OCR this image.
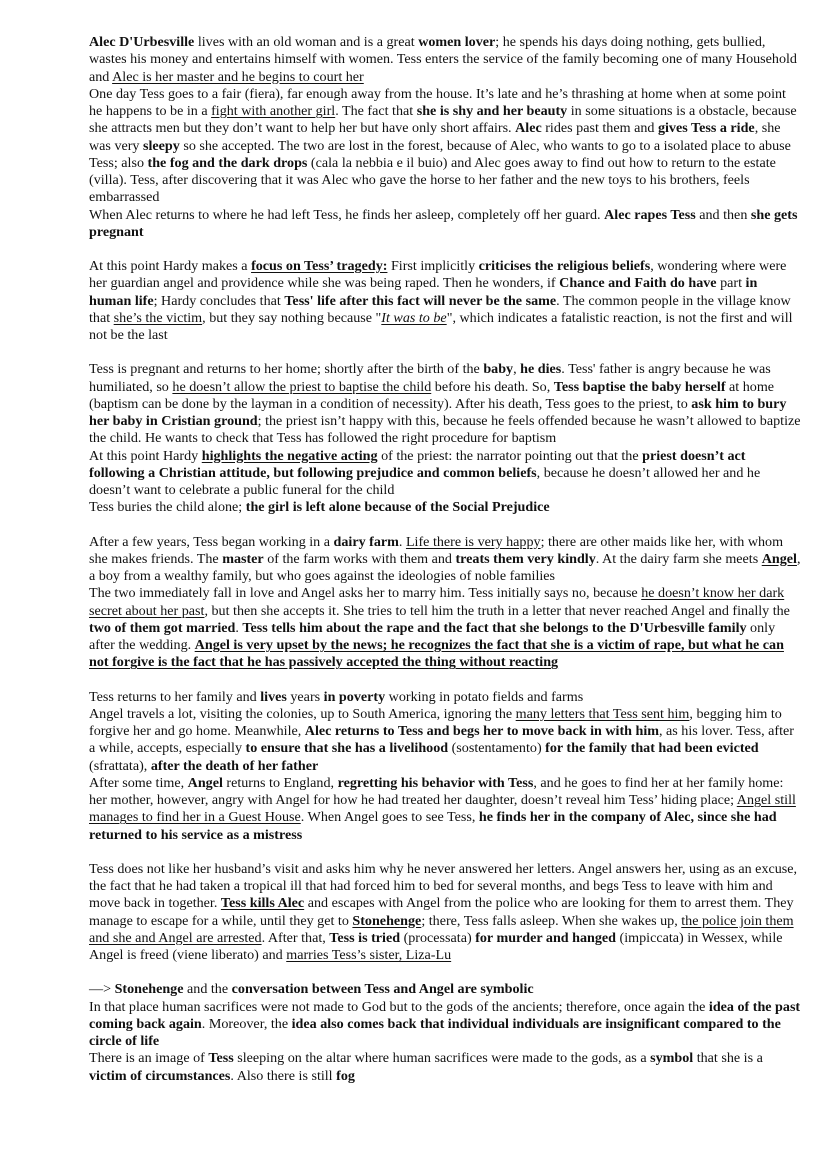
Alec D'Urbesville lives with an old woman and is a great women lover; he spends his days doing nothing, gets bullied, wastes his money and entertains himself with women. Tess enters the service of the family becoming one of many Household and Alec is her master and he begins to court her

One day Tess goes to a fair (fiera), far enough away from the house. It’s late and he’s thrashing at home when at some point he happens to be in a fight with another girl. The fact that she is shy and her beauty in some situations is a obstacle, because she attracts men but they don’t want to help her but have only short affairs. Alec rides past them and gives Tess a ride, she was very sleepy so she accepted. The two are lost in the forest, because of Alec, who wants to go to a isolated place to abuse Tess; also the fog and the dark drops (cala la nebbia e il buio) and Alec goes away to find out how to return to the estate (villa). Tess, after discovering that it was Alec who gave the horse to her father and the new toys to his brothers, feels embarrassed

When Alec returns to where he had left Tess, he finds her asleep, completely off her guard. Alec rapes Tess and then she gets pregnant

At this point Hardy makes a focus on Tess’ tragedy: First implicitly criticises the religious beliefs, wondering where were her guardian angel and providence while she was being raped. Then he wonders, if Chance and Faith do have part in human life; Hardy concludes that Tess' life after this fact will never be the same. The common people in the village know that she’s the victim, but they say nothing because "It was to be", which indicates a fatalistic reaction, is not the first and will not be the last

Tess is pregnant and returns to her home; shortly after the birth of the baby, he dies. Tess' father is angry because he was humiliated, so he doesn’t allow the priest to baptise the child before his death. So, Tess baptise the baby herself at home (baptism can be done by the layman in a condition of necessity). After his death, Tess goes to the priest, to ask him to bury her baby in Cristian ground; the priest isn’t happy with this, because he feels offended because he wasn’t allowed to baptize the child. He wants to check that Tess has followed the right procedure for baptism

At this point Hardy highlights the negative acting of the priest: the narrator pointing out that the priest doesn’t act following a Christian attitude, but following prejudice and common beliefs, because he doesn’t allowed her and he doesn’t want to celebrate a public funeral for the child

Tess buries the child alone; the girl is left alone because of the Social Prejudice

After a few years, Tess began working in a dairy farm. Life there is very happy; there are other maids like her, with whom she makes friends. The master of the farm works with them and treats them very kindly. At the dairy farm she meets Angel, a boy from a wealthy family, but who goes against the ideologies of noble families

The two immediately fall in love and Angel asks her to marry him. Tess initially says no, because he doesn’t know her dark secret about her past, but then she accepts it. She tries to tell him the truth in a letter that never reached Angel and finally the two of them got married. Tess tells him about the rape and the fact that she belongs to the D'Urbesville family only after the wedding. Angel is very upset by the news; he recognizes the fact that she is a victim of rape, but what he can not forgive is the fact that he has passively accepted the thing without reacting

Tess returns to her family and lives years in poverty working in potato fields and farms

Angel travels a lot, visiting the colonies, up to South America, ignoring the many letters that Tess sent him, begging him to forgive her and go home. Meanwhile, Alec returns to Tess and begs her to move back in with him, as his lover. Tess, after a while, accepts, especially to ensure that she has a livelihood (sostentamento) for the family that had been evicted (sfrattata), after the death of her father

After some time, Angel returns to England, regretting his behavior with Tess, and he goes to find her at her family home: her mother, however, angry with Angel for how he had treated her daughter, doesn’t reveal him Tess’ hiding place; Angel still manages to find her in a Guest House. When Angel goes to see Tess, he finds her in the company of Alec, since she had returned to his service as a mistress

Tess does not like her husband’s visit and asks him why he never answered her letters. Angel answers her, using as an excuse, the fact that he had taken a tropical ill that had forced him to bed for several months, and begs Tess to leave with him and move back in together. Tess kills Alec and escapes with Angel from the police who are looking for them to arrest them. They manage to escape for a while, until they get to Stonehenge; there, Tess falls asleep. When she wakes up, the police join them and she and Angel are arrested. After that, Tess is tried (processata) for murder and hanged (impiccata) in Wessex, while Angel is freed (viene liberato) and marries Tess’s sister, Liza-Lu

—> Stonehenge and the conversation between Tess and Angel are symbolic

In that place human sacrifices were not made to God but to the gods of the ancients; therefore, once again the idea of the past coming back again. Moreover, the idea also comes back that individual individuals are insignificant compared to the circle of life

There is an image of Tess sleeping on the altar where human sacrifices were made to the gods, as a symbol that she is a victim of circumstances. Also there is still fog
